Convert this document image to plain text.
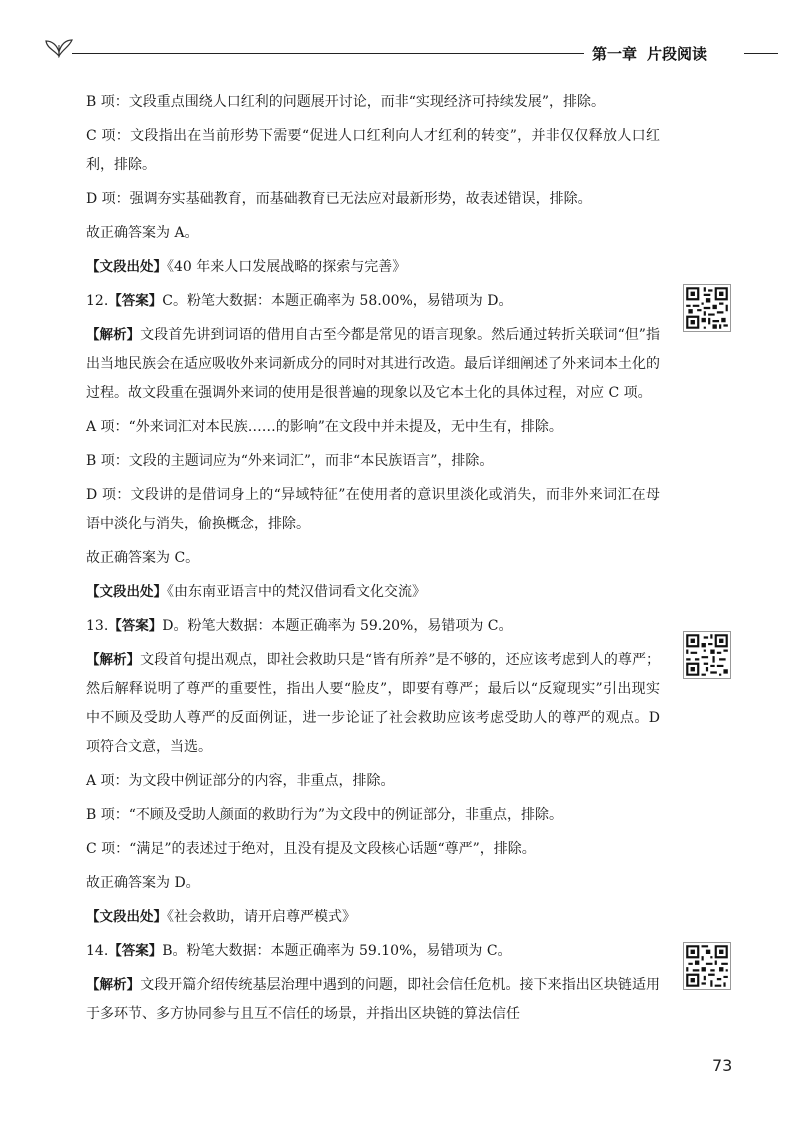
第一章 片段阅读

B 项：文段重点围绕人口红利的问题展开讨论，而非“实现经济可持续发展”，排除。

C 项：文段指出在当前形势下需要“促进人口红利向人才红利的转变”，并非仅仅释放人口红利，排除。

D 项：强调夯实基础教育，而基础教育已无法应对最新形势，故表述错误，排除。

故正确答案为 A。

【文段出处】《40 年来人口发展战略的探索与完善》

12.【答案】C。粉笔大数据：本题正确率为 58.00%，易错项为 D。

【解析】文段首先讲到词语的借用自古至今都是常见的语言现象。然后通过转折关联词“但”指出当地民族会在适应吸收外来词新成分的同时对其进行改造。最后详细阐述了外来词本土化的过程。故文段重在强调外来词的使用是很普遍的现象以及它本土化的具体过程，对应 C 项。

A 项：“外来词汇对本民族……的影响”在文段中并未提及，无中生有，排除。

B 项：文段的主题词应为“外来词汇”，而非“本民族语言”，排除。

D 项：文段讲的是借词身上的“异域特征”在使用者的意识里淡化或消失，而非外来词汇在母语中淡化与消失，偷换概念，排除。

故正确答案为 C。

【文段出处】《由东南亚语言中的梵汉借词看文化交流》

13.【答案】D。粉笔大数据：本题正确率为 59.20%，易错项为 C。

【解析】文段首句提出观点，即社会救助只是“皆有所养”是不够的，还应该考虑到人的尊严；然后解释说明了尊严的重要性，指出人要“脸皮”，即要有尊严；最后以“反窥现实”引出现实中不顾及受助人尊严的反面例证，进一步论证了社会救助应该考虑受助人的尊严的观点。D 项符合文意，当选。

A 项：为文段中例证部分的内容，非重点，排除。

B 项：“不顾及受助人颜面的救助行为”为文段中的例证部分，非重点，排除。

C 项：“满足”的表述过于绝对，且没有提及文段核心话题“尊严”，排除。

故正确答案为 D。

【文段出处】《社会救助，请开启尊严模式》

14.【答案】B。粉笔大数据：本题正确率为 59.10%，易错项为 C。

【解析】文段开篇介绍传统基层治理中遇到的问题，即社会信任危机。接下来指出区块链适用于多环节、多方协同参与且互不信任的场景，并指出区块链的算法信任

73
